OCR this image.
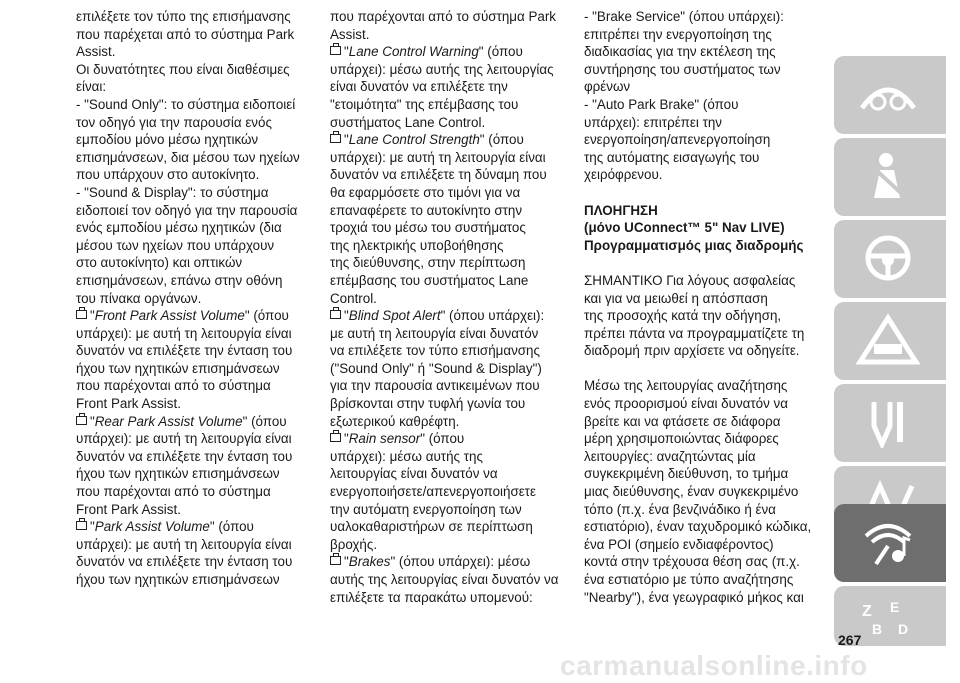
επιλέξετε τον τύπο της επισήμανσης

που παρέχεται από το σύστημα Park

Assist.

Οι δυνατότητες που είναι διαθέσιμες

είναι:

- "Sound Only": το σύστημα ειδοποιεί

τον οδηγό για την παρουσία ενός

εμποδίου μόνο μέσω ηχητικών

επισημάνσεων, δια μέσου των ηχείων

που υπάρχουν στο αυτοκίνητο.

- "Sound & Display": το σύστημα

ειδοποιεί τον οδηγό για την παρουσία

ενός εμποδίου μέσω ηχητικών (δια

μέσου των ηχείων που υπάρχουν

στο αυτοκίνητο) και οπτικών

επισημάνσεων, επάνω στην οθόνη

του πίνακα οργάνων.

"Front Park Assist Volume" (όπου

υπάρχει): με αυτή τη λειτουργία είναι

δυνατόν να επιλέξετε την ένταση του

ήχου των ηχητικών επισημάνσεων

που παρέχονται από το σύστημα

Front Park Assist.

"Rear Park Assist Volume" (όπου

υπάρχει): με αυτή τη λειτουργία είναι

δυνατόν να επιλέξετε την ένταση του

ήχου των ηχητικών επισημάνσεων

που παρέχονται από το σύστημα

Front Park Assist.

"Park Assist Volume" (όπου

υπάρχει): με αυτή τη λειτουργία είναι

δυνατόν να επιλέξετε την ένταση του

ήχου των ηχητικών επισημάνσεων

που παρέχονται από το σύστημα Park

Assist.

"Lane Control Warning" (όπου

υπάρχει): μέσω αυτής της λειτουργίας

είναι δυνατόν να επιλέξετε την

"ετοιμότητα" της επέμβασης του

συστήματος Lane Control.

"Lane Control Strength" (όπου

υπάρχει): με αυτή τη λειτουργία είναι

δυνατόν να επιλέξετε τη δύναμη που

θα εφαρμόσετε στο τιμόνι για να

επαναφέρετε το αυτοκίνητο στην

τροχιά του μέσω του συστήματος

της ηλεκτρικής υποβοήθησης

της διεύθυνσης, στην περίπτωση

επέμβασης του συστήματος Lane

Control.

"Blind Spot Alert" (όπου υπάρχει):

με αυτή τη λειτουργία είναι δυνατόν

να επιλέξετε τον τύπο επισήμανσης

("Sound Only" ή "Sound & Display")

για την παρουσία αντικειμένων που

βρίσκονται στην τυφλή γωνία του

εξωτερικού καθρέφτη.

"Rain sensor" (όπου

υπάρχει): μέσω αυτής της

λειτουργίας είναι δυνατόν να

ενεργοποιήσετε/απενεργοποιήσετε

την αυτόματη ενεργοποίηση των

υαλοκαθαριστήρων σε περίπτωση

βροχής.

"Brakes" (όπου υπάρχει): μέσω

αυτής της λειτουργίας είναι δυνατόν να

επιλέξετε τα παρακάτω υπομενού:

- "Brake Service" (όπου υπάρχει):

επιτρέπει την ενεργοποίηση της

διαδικασίας για την εκτέλεση της

συντήρησης του συστήματος των

φρένων

- "Auto Park Brake" (όπου

υπάρχει): επιτρέπει την

ενεργοποίηση/απενεργοποίηση

της αυτόματης εισαγωγής του

χειρόφρενου.

ΠΛΟΗΓΗΣΗ

(μόνο UConnect™ 5" Nav LIVE)

Προγραμματισμός μιας διαδρομής

ΣΗΜΑΝΤΙΚΟ Για λόγους ασφαλείας

και για να μειωθεί η απόσπαση

της προσοχής κατά την οδήγηση,

πρέπει πάντα να προγραμματίζετε τη

διαδρομή πριν αρχίσετε να οδηγείτε.

Μέσω της λειτουργίας αναζήτησης

ενός προορισμού είναι δυνατόν να

βρείτε και να φτάσετε σε διάφορα

μέρη χρησιμοποιώντας διάφορες

λειτουργίες: αναζητώντας μία

συγκεκριμένη διεύθυνση, το τμήμα

μιας διεύθυνσης, έναν συγκεκριμένο

τόπο (π.χ. ένα βενζινάδικο ή ένα

εστιατόριο), έναν ταχυδρομικό κώδικα,

ένα POI (σημείο ενδιαφέροντος)

κοντά στην τρέχουσα θέση σας (π.χ.

ένα εστιατόριο με τύπο αναζήτησης

"Nearby"), ένα γεωγραφικό μήκος και

Z E
B D
267
carmanualsonline.info
